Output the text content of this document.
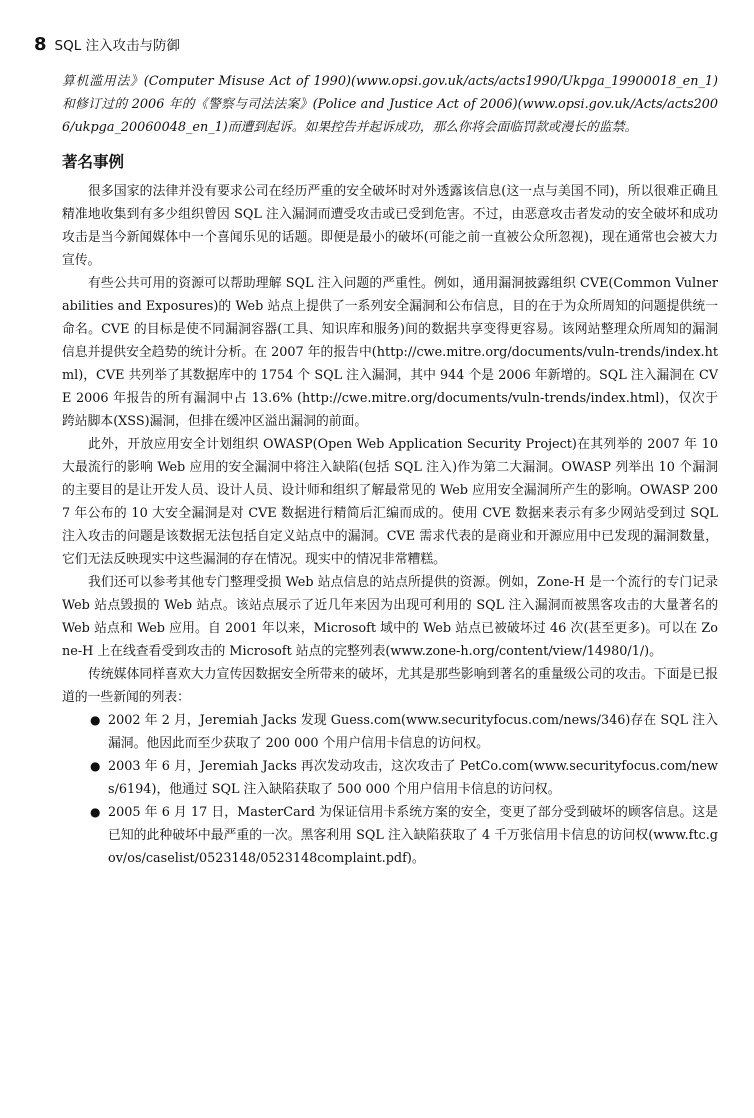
8 SQL 注入攻击与防御

算机滥用法》(Computer Misuse Act of 1990)(www.opsi.gov.uk/acts/acts1990/Ukpga_19900018_en_1)和修订过的 2006 年的《警察与司法法案》(Police and Justice Act of 2006)(www.opsi.gov.uk/Acts/acts2006/ukpga_20060048_en_1)而遭到起诉。如果控告并起诉成功，那么你将会面临罚款或漫长的监禁。

著名事例

很多国家的法律并没有要求公司在经历严重的安全破坏时对外透露该信息(这一点与美国不同)，所以很难正确且精准地收集到有多少组织曾因 SQL 注入漏洞而遭受攻击或已受到危害。不过，由恶意攻击者发动的安全破坏和成功攻击是当今新闻媒体中一个喜闻乐见的话题。即便是最小的破坏(可能之前一直被公众所忽视)，现在通常也会被大力宣传。

有些公共可用的资源可以帮助理解 SQL 注入问题的严重性。例如，通用漏洞披露组织 CVE(Common Vulnerabilities and Exposures)的 Web 站点上提供了一系列安全漏洞和公布信息，目的在于为众所周知的问题提供统一命名。CVE 的目标是使不同漏洞容器(工具、知识库和服务)间的数据共享变得更容易。该网站整理众所周知的漏洞信息并提供安全趋势的统计分析。在 2007 年的报告中(http://cwe.mitre.org/documents/vuln-trends/index.html)，CVE 共列举了其数据库中的 1754 个 SQL 注入漏洞，其中 944 个是 2006 年新增的。SQL 注入漏洞在 CVE 2006 年报告的所有漏洞中占 13.6% (http://cwe.mitre.org/documents/vuln-trends/index.html)，仅次于跨站脚本(XSS)漏洞，但排在缓冲区溢出漏洞的前面。

此外，开放应用安全计划组织 OWASP(Open Web Application Security Project)在其列举的 2007 年 10 大最流行的影响 Web 应用的安全漏洞中将注入缺陷(包括 SQL 注入)作为第二大漏洞。OWASP 列举出 10 个漏洞的主要目的是让开发人员、设计人员、设计师和组织了解最常见的 Web 应用安全漏洞所产生的影响。OWASP 2007 年公布的 10 大安全漏洞是对 CVE 数据进行精简后汇编而成的。使用 CVE 数据来表示有多少网站受到过 SQL 注入攻击的问题是该数据无法包括自定义站点中的漏洞。CVE 需求代表的是商业和开源应用中已发现的漏洞数量，它们无法反映现实中这些漏洞的存在情况。现实中的情况非常糟糕。

我们还可以参考其他专门整理受损 Web 站点信息的站点所提供的资源。例如，Zone-H 是一个流行的专门记录 Web 站点毁损的 Web 站点。该站点展示了近几年来因为出现可利用的 SQL 注入漏洞而被黑客攻击的大量著名的 Web 站点和 Web 应用。自 2001 年以来，Microsoft 域中的 Web 站点已被破坏过 46 次(甚至更多)。可以在 Zone-H 上在线查看受到攻击的 Microsoft 站点的完整列表(www.zone-h.org/content/view/14980/1/)。

传统媒体同样喜欢大力宣传因数据安全所带来的破坏，尤其是那些影响到著名的重量级公司的攻击。下面是已报道的一些新闻的列表：

● 2002 年 2 月，Jeremiah Jacks 发现 Guess.com(www.securityfocus.com/news/346)存在 SQL 注入漏洞。他因此而至少获取了 200 000 个用户信用卡信息的访问权。
● 2003 年 6 月，Jeremiah Jacks 再次发动攻击，这次攻击了 PetCo.com(www.securityfocus.com/news/6194)，他通过 SQL 注入缺陷获取了 500 000 个用户信用卡信息的访问权。
● 2005 年 6 月 17 日，MasterCard 为保证信用卡系统方案的安全，变更了部分受到破坏的顾客信息。这是已知的此种破坏中最严重的一次。黑客利用 SQL 注入缺陷获取了 4 千万张信用卡信息的访问权(www.ftc.gov/os/caselist/0523148/0523148complaint.pdf)。
